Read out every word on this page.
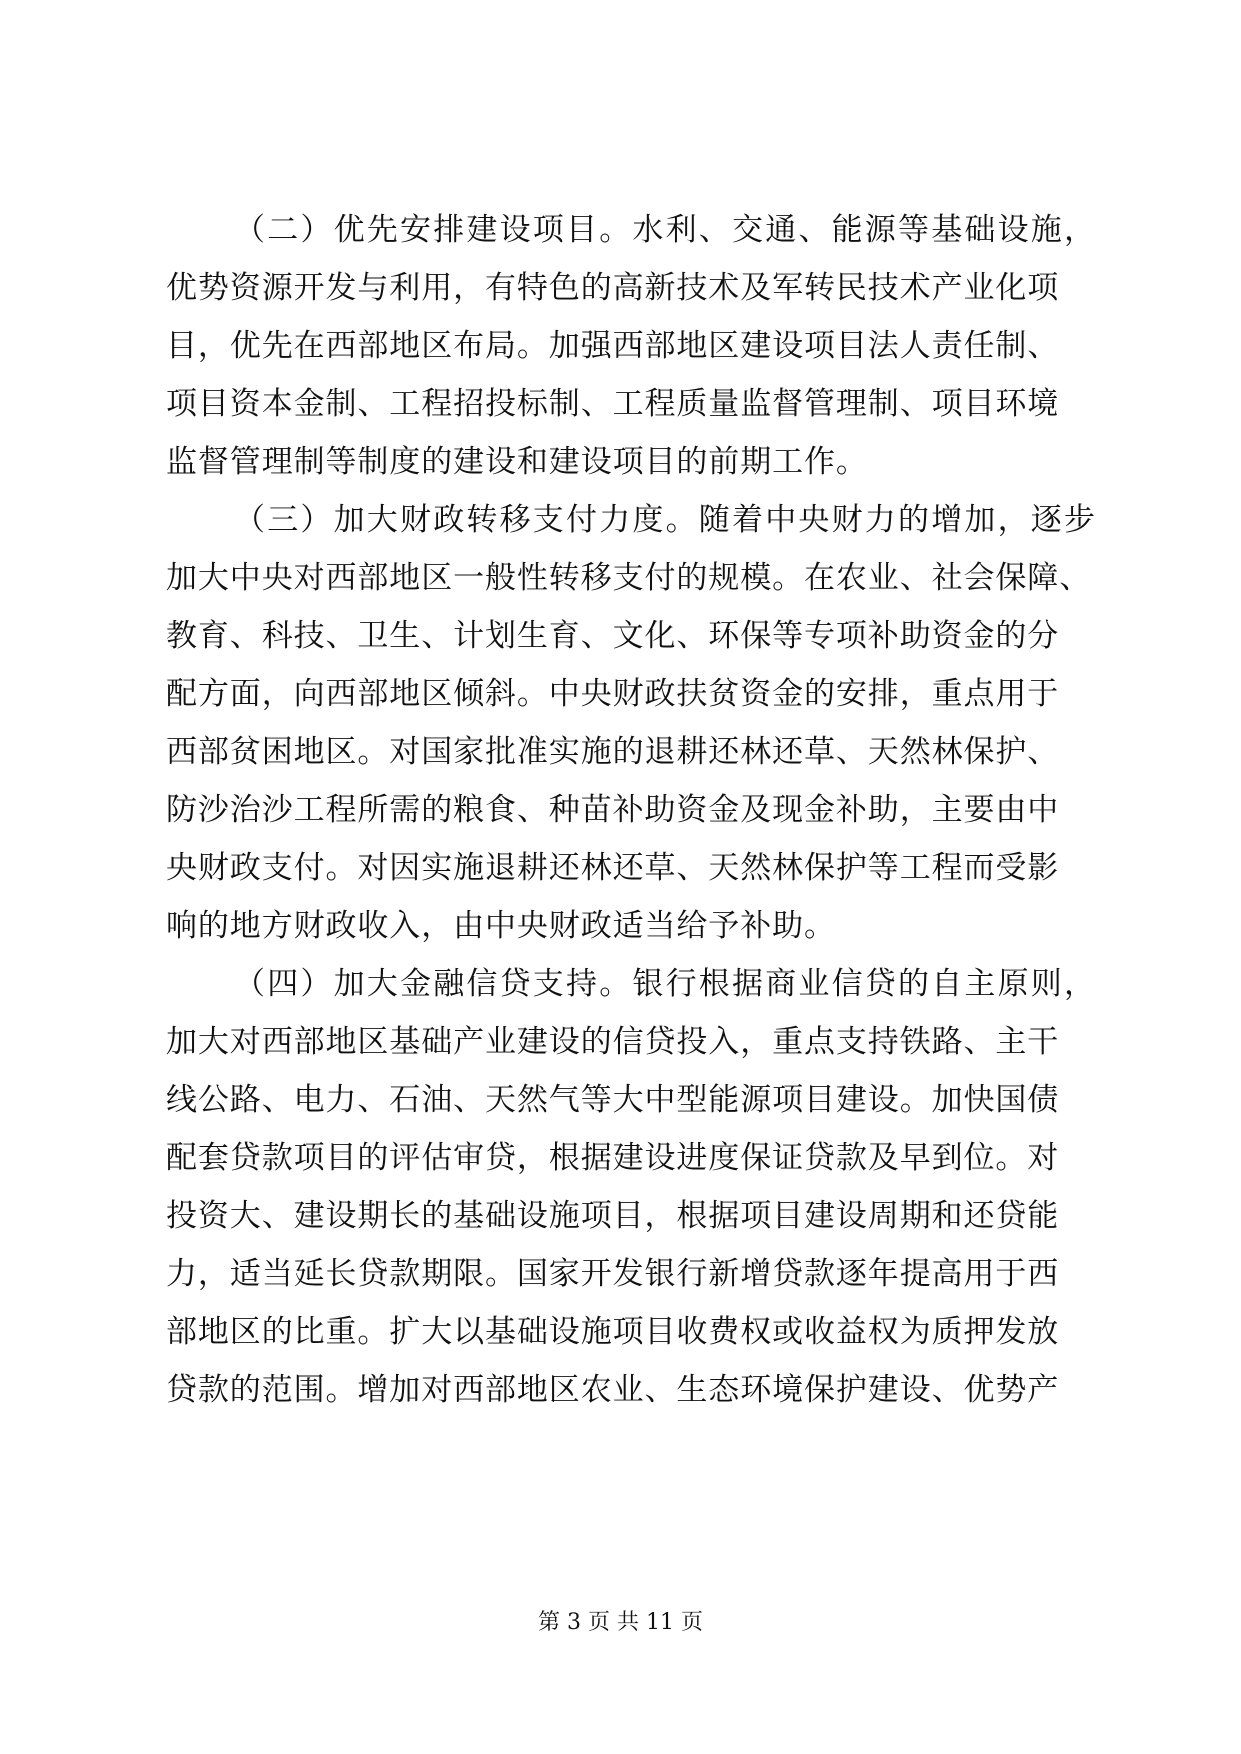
（二）优先安排建设项目。水利、交通、能源等基础设施，
优势资源开发与利用，有特色的高新技术及军转民技术产业化项
目，优先在西部地区布局。加强西部地区建设项目法人责任制、
项目资本金制、工程招投标制、工程质量监督管理制、项目环境
监督管理制等制度的建设和建设项目的前期工作。
（三）加大财政转移支付力度。随着中央财力的增加，逐步
加大中央对西部地区一般性转移支付的规模。在农业、社会保障、
教育、科技、卫生、计划生育、文化、环保等专项补助资金的分
配方面，向西部地区倾斜。中央财政扶贫资金的安排，重点用于
西部贫困地区。对国家批准实施的退耕还林还草、天然林保护、
防沙治沙工程所需的粮食、种苗补助资金及现金补助，主要由中
央财政支付。对因实施退耕还林还草、天然林保护等工程而受影
响的地方财政收入，由中央财政适当给予补助。
（四）加大金融信贷支持。银行根据商业信贷的自主原则，
加大对西部地区基础产业建设的信贷投入，重点支持铁路、主干
线公路、电力、石油、天然气等大中型能源项目建设。加快国债
配套贷款项目的评估审贷，根据建设进度保证贷款及早到位。对
投资大、建设期长的基础设施项目，根据项目建设周期和还贷能
力，适当延长贷款期限。国家开发银行新增贷款逐年提高用于西
部地区的比重。扩大以基础设施项目收费权或收益权为质押发放
贷款的范围。增加对西部地区农业、生态环境保护建设、优势产
第 3 页 共 11 页
